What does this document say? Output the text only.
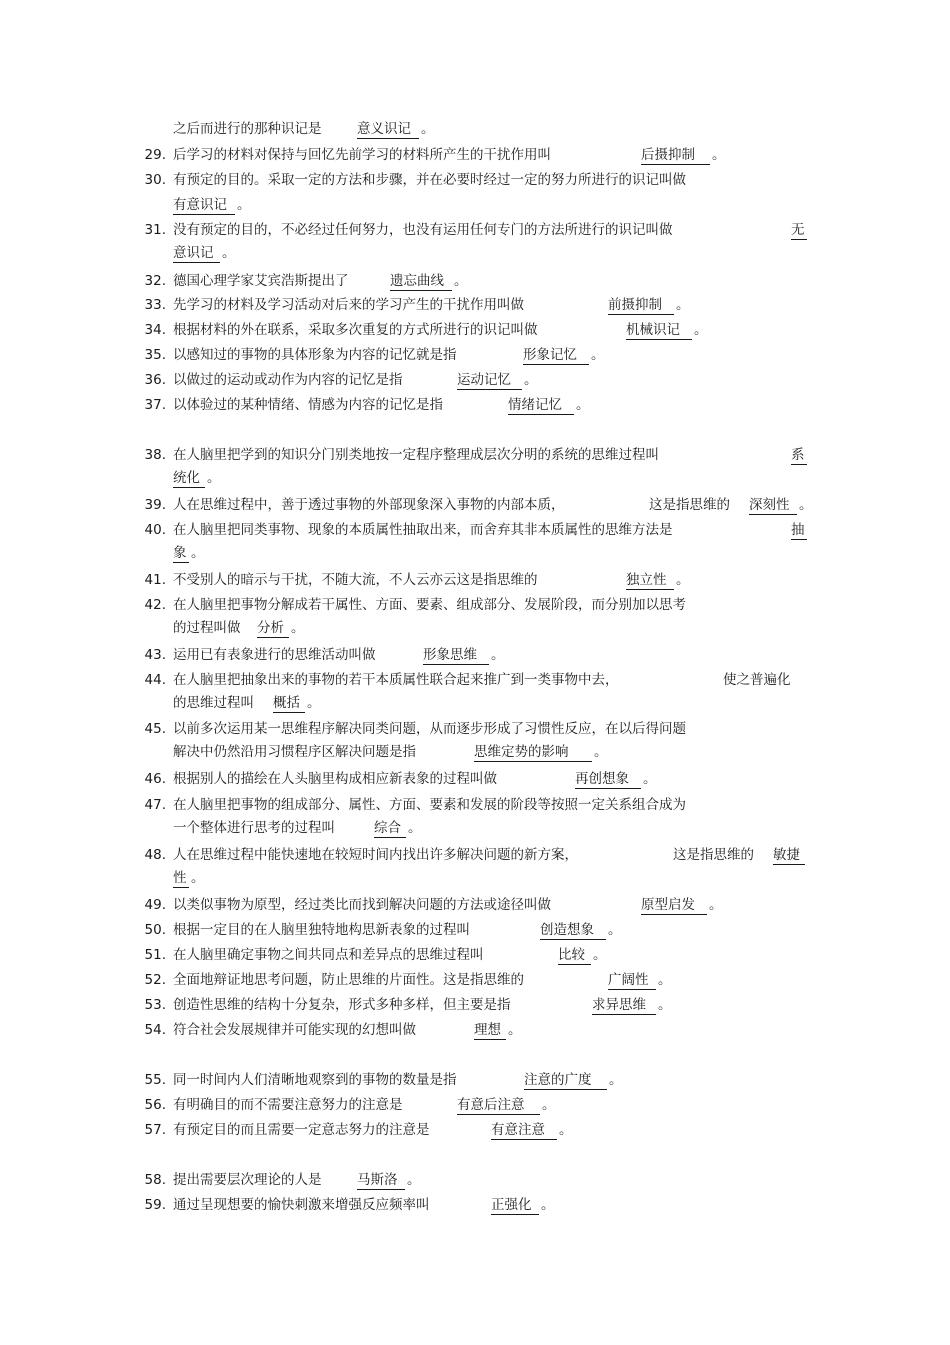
之后而进行的那种识记是	意义识记 。
29. 后学习的材料对保持与回忆先前学习的材料所产生的干扰作用叫	后摄抑制	。
30. 有预定的目的。采取一定的方法和步骤，并在必要时经过一定的努力所进行的识记叫做
有意识记 。
31. 没有预定的目的，不必经过任何努力，也没有运用任何专门的方法所进行的识记叫做	无
意识记 。
32. 德国心理学家艾宾浩斯提出了	遗忘曲线 。
33. 先学习的材料及学习活动对后来的学习产生的干扰作用叫做	前摄抑制	。
34. 根据材料的外在联系，采取多次重复的方式所进行的识记叫做	机械识记	。
35. 以感知过的事物的具体形象为内容的记忆就是指	形象记忆	。
36. 以做过的运动或动作为内容的记忆是指	运动记忆 。
37. 以体验过的某种情绪、情感为内容的记忆是指	情绪记忆	。
38. 在人脑里把学到的知识分门别类地按一定程序整理成层次分明的系统的思维过程叫	系
统化 。
39. 人在思维过程中，善于透过事物的外部现象深入事物的内部本质，	这是指思维的 深刻性 。
40. 在人脑里把同类事物、现象的本质属性抽取出来，而舍弃其非本质属性的思维方法是	抽
象 。
41. 不受别人的暗示与干扰，不随大流，不人云亦云这是指思维的	独立性 。
42. 在人脑里把事物分解成若干属性、方面、要素、组成部分、发展阶段，而分别加以思考
的过程叫做 分析 。
43. 运用已有表象进行的思维活动叫做	形象思维	。
44. 在人脑里把抽象出来的事物的若干本质属性联合起来推广到一类事物中去，	使之普遍化
的思维过程叫 概括 。
45. 以前多次运用某一思维程序解决同类问题，从而逐步形成了习惯性反应，在以后得问题
解决中仍然沿用习惯程序区解决问题是指	思维定势的影响	。
46. 根据别人的描绘在人头脑里构成相应新表象的过程叫做	再创想象	。
47. 在人脑里把事物的组成部分、属性、方面、要素和发展的阶段等按照一定关系组合成为
一个整体进行思考的过程叫	综合 。
48. 人在思维过程中能快速地在较短时间内找出许多解决问题的新方案，	这是指思维的 敏捷
性 。
49. 以类似事物为原型，经过类比而找到解决问题的方法或途径叫做	原型启发	。
50. 根据一定目的在人脑里独特地构思新表象的过程叫	创造想象	。
51. 在人脑里确定事物之间共同点和差异点的思维过程叫	比较 。
52. 全面地辩证地思考问题，防止思维的片面性。这是指思维的	广阔性 。
53. 创造性思维的结构十分复杂，形式多种多样，但主要是指	求异思维 。
54. 符合社会发展规律并可能实现的幻想叫做	理想 。
55. 同一时间内人们清晰地观察到的事物的数量是指	注意的广度	。
56. 有明确目的而不需要注意努力的注意是	有意后注意	。
57. 有预定目的而且需要一定意志努力的注意是	有意注意	。
58. 提出需要层次理论的人是	马斯洛 。
59. 通过呈现想要的愉快刺激来增强反应频率叫	正强化 。
